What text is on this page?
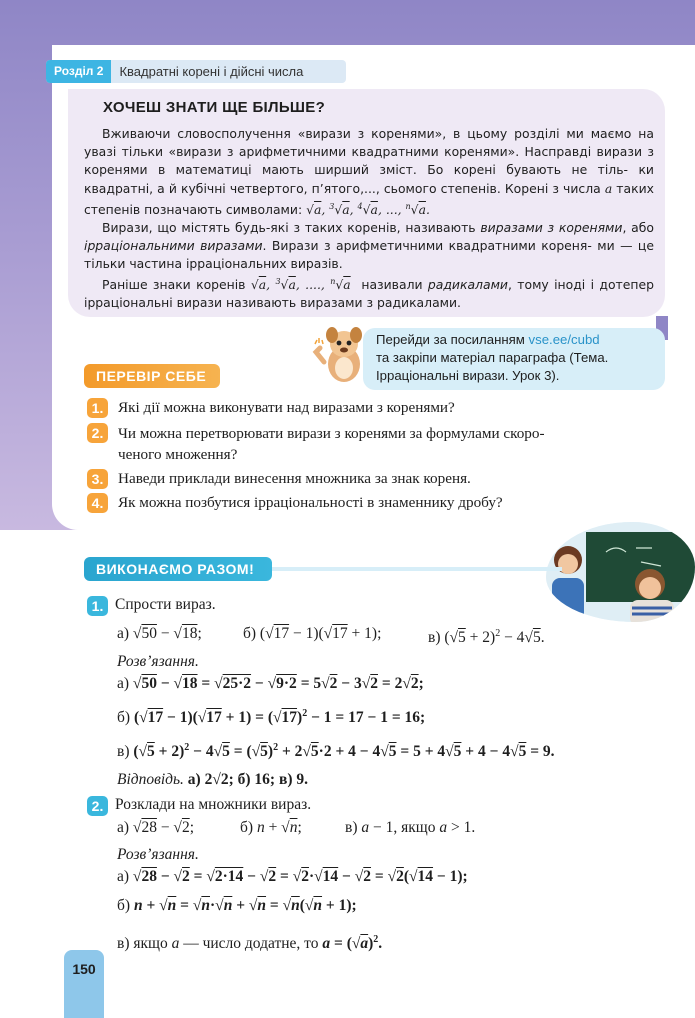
Розділ 2	Квадратні корені і дійсні числа
ХОЧЕШ ЗНАТИ ЩЕ БІЛЬШЕ?
Вживаючи словосполучення «вирази з коренями», в цьому розділі ми маємо на увазі тільки «вирази з арифметичними квадратними коренями». Насправді вирази з коренями в математиці мають ширший зміст. Бо корені бувають не тіль- ки квадратні, а й кубічні четвертого, п’ятого,..., сьомого степенів. Корені з числа a таких степенів позначають символами: √a, $^3$√a, $^4$√a, ..., $^n$√a.
Вирази, що містять будь-які з таких коренів, називають виразами з коренями, або ірраціональними виразами. Вирази з арифметичними квадратними кореня- ми — це тільки частина ірраціональних виразів.
Раніше знаки коренів √a, $^3$√a, ...., $^n$√a називали радикалами, тому іноді і дотепер ірраціональні вирази називають виразами з радикалами.
Перейди за посиланням vse.ee/cubd
та закріпи матеріал параграфа (Тема.
Ірраціональні вирази. Урок 3).
ПЕРЕВІР СЕБЕ
1. Які дії можна виконувати над виразами з коренями?
2. Чи можна перетворювати вирази з коренями за формулами скоро-
ченого множення?
3. Наведи приклади винесення множника за знак кореня.
4. Як можна позбутися ірраціональності в знаменнику дробу?
ВИКОНАЄМО РАЗОМ!
1. Спрости вираз.
а) √50 − √18;	б) (√17 − 1)(√17 + 1);	в) $(√5 + 2)^2 - 4√5$.
Розв’язання.
а) √50 − √18 = √25·2 − √9·2 = 5√2 − 3√2 = 2√2;
б) $(√17 - 1)(√17 + 1) = (√17)^2 - 1 = 17 - 1 = 16$;
в) $(√5 + 2)^2 - 4√5 = (√5)^2 + 2√5\cdot 2 + 4 - 4√5 = 5 + 4√5 + 4 - 4√5 = 9$.
Відповідь. а) 2√2; б) 16; в) 9.
2. Розклади на множники вираз.
а) √28 − √2;	б) n + √n;	в) a − 1, якщо a > 1.
Розв’язання.
а) √28 − √2 = √2·14 − √2 = √2·√14 − √2 = √2(√14 − 1);
б) n + √n = √n·√n + √n = √n(√n + 1);
в) якщо a — число додатне, то $a = (√a)^2$.
150
